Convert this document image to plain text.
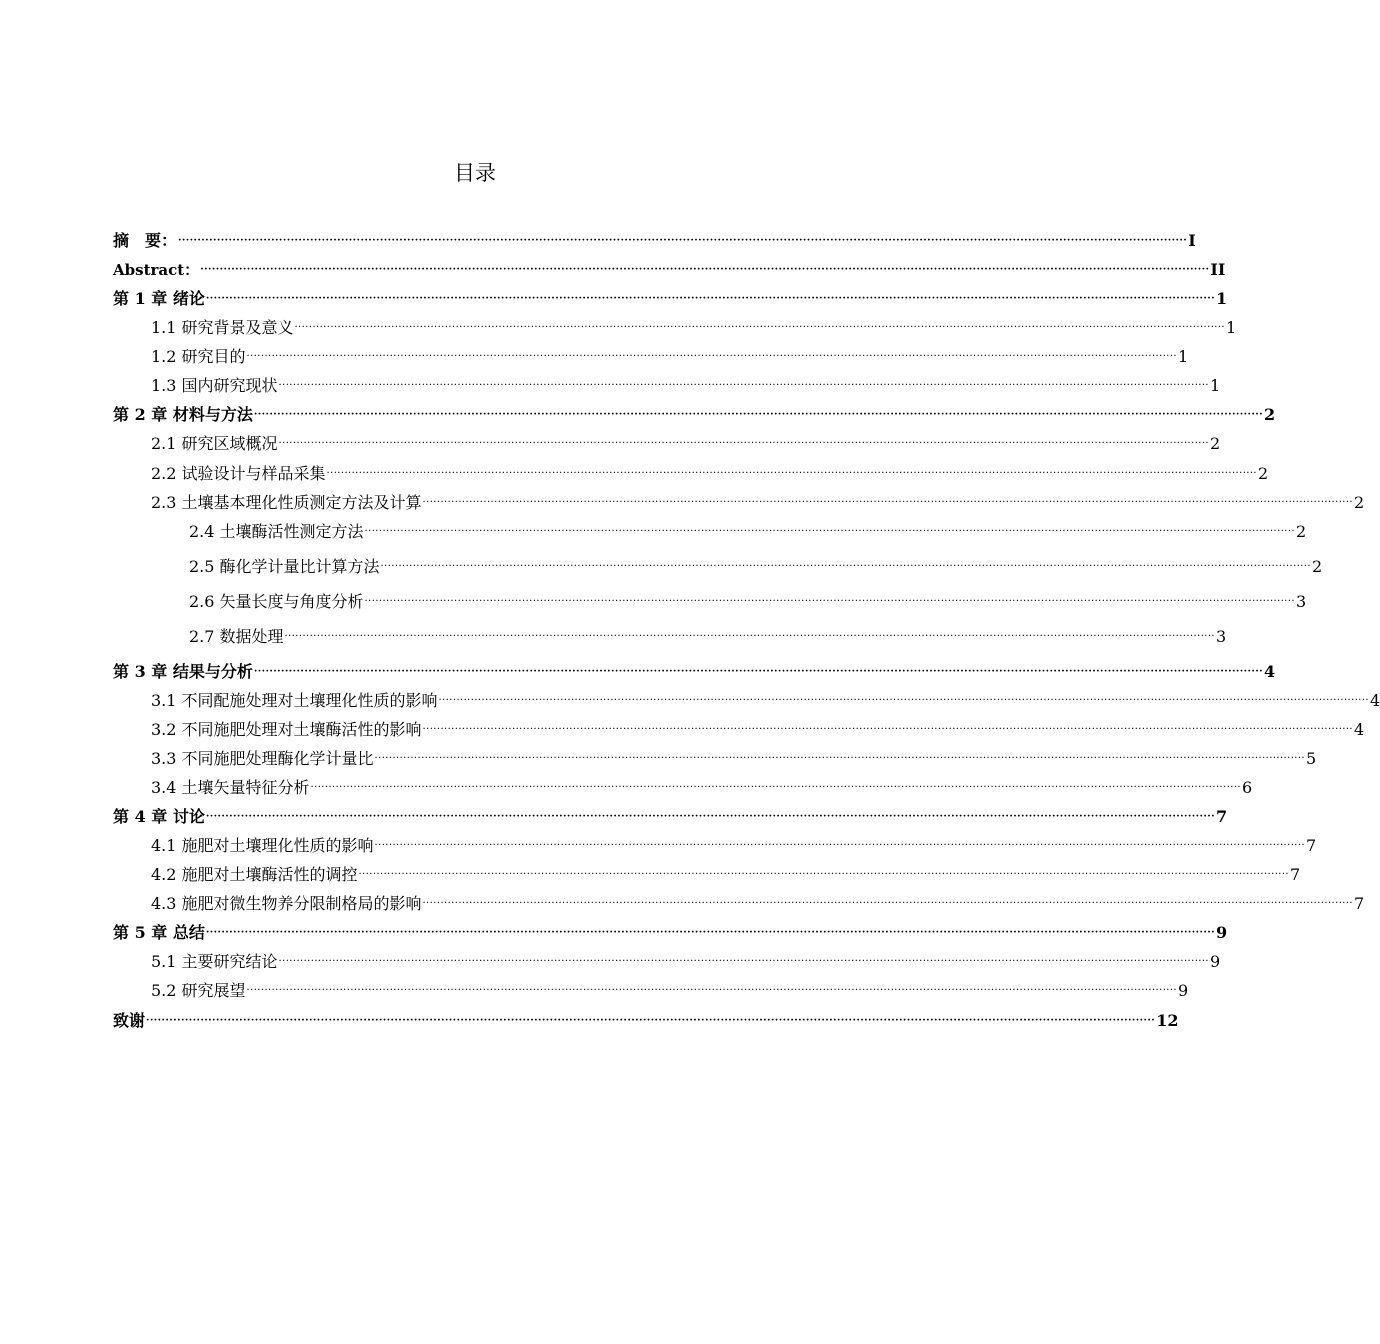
目录
摘　要： ···································································································································································································································································· I
Abstract： ···································································································································································································································································· II
第 1 章 绪论 ···································································································································································································································································· 1
1.1 研究背景及意义 ···································································································································································································································································· 1
1.2 研究目的 ···································································································································································································································································· 1
1.3 国内研究现状 ···································································································································································································································································· 1
第 2 章 材料与方法 ···································································································································································································································································· 2
2.1 研究区域概况 ···································································································································································································································································· 2
2.2 试验设计与样品采集 ···································································································································································································································································· 2
2.3 土壤基本理化性质测定方法及计算 ···································································································································································································································································· 2
2.4 土壤酶活性测定方法 ···································································································································································································································································· 2
2.5 酶化学计量比计算方法 ···································································································································································································································································· 2
2.6 矢量长度与角度分析 ···································································································································································································································································· 3
2.7 数据处理 ···································································································································································································································································· 3
第 3 章 结果与分析 ···································································································································································································································································· 4
3.1 不同配施处理对土壤理化性质的影响 ···································································································································································································································································· 4
3.2 不同施肥处理对土壤酶活性的影响 ···································································································································································································································································· 4
3.3 不同施肥处理酶化学计量比 ···································································································································································································································································· 5
3.4 土壤矢量特征分析 ···································································································································································································································································· 6
第 4 章 讨论 ···································································································································································································································································· 7
4.1 施肥对土壤理化性质的影响 ···································································································································································································································································· 7
4.2 施肥对土壤酶活性的调控 ···································································································································································································································································· 7
4.3 施肥对微生物养分限制格局的影响 ···································································································································································································································································· 7
第 5 章 总结 ···································································································································································································································································· 9
5.1 主要研究结论 ···································································································································································································································································· 9
5.2 研究展望 ···································································································································································································································································· 9
致谢 ···································································································································································································································································· 12
